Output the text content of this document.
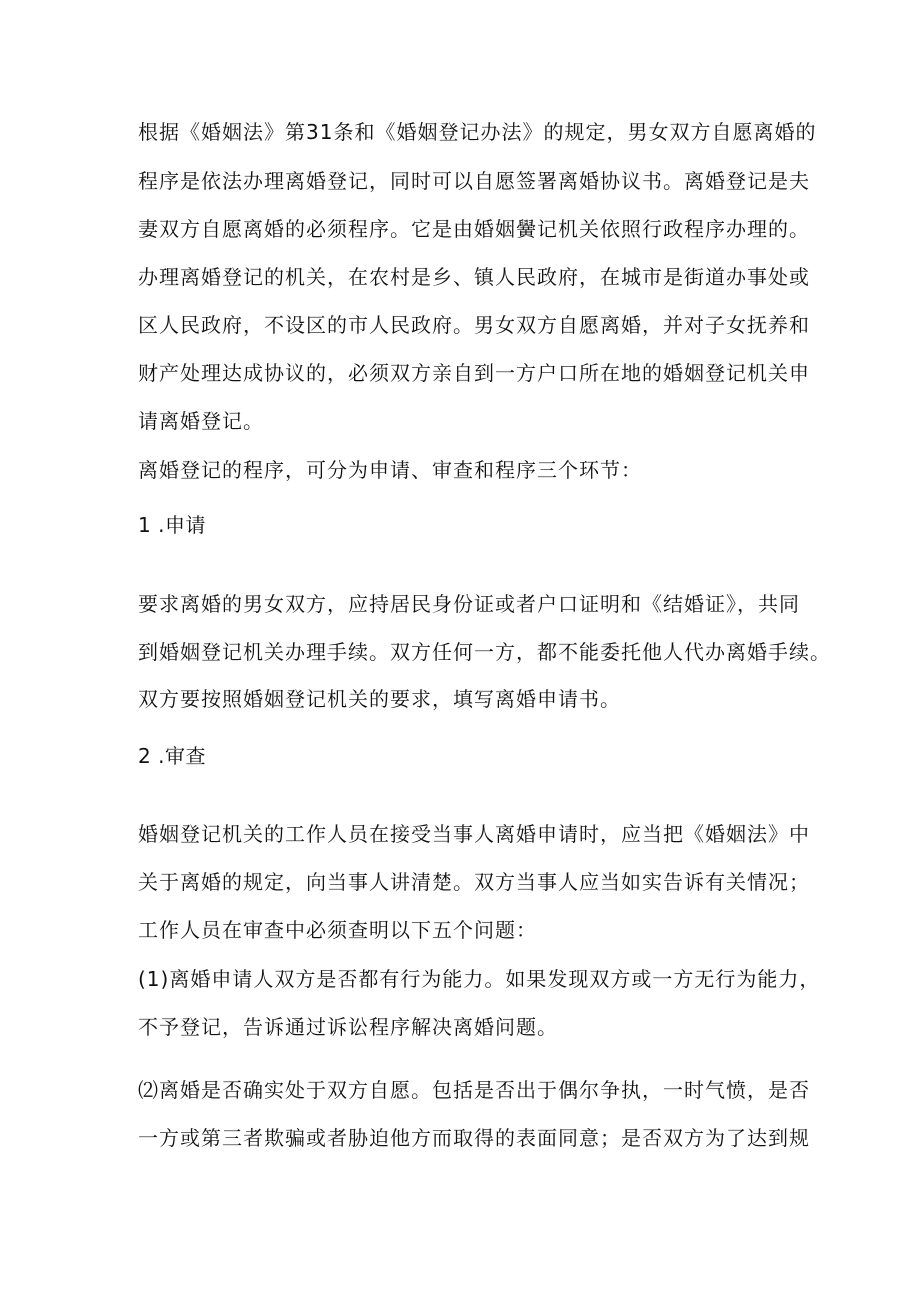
根据《婚姻法》第31条和《婚姻登记办法》的规定，男女双方自愿离婚的
程序是依法办理离婚登记，同时可以自愿签署离婚协议书。离婚登记是夫
妻双方自愿离婚的必须程序。它是由婚姻黌记机关依照行政程序办理的。
办理离婚登记的机关，在农村是乡、镇人民政府，在城市是街道办事处或
区人民政府，不设区的市人民政府。男女双方自愿离婚，并对子女抚养和
财产处理达成协议的，必须双方亲自到一方户口所在地的婚姻登记机关申
请离婚登记。
离婚登记的程序，可分为申请、审查和程序三个环节：
1 .申请
要求离婚的男女双方，应持居民身份证或者户口证明和《结婚证》，共同
到婚姻登记机关办理手续。双方任何一方，都不能委托他人代办离婚手续。
双方要按照婚姻登记机关的要求，填写离婚申请书。
2 .审查
婚姻登记机关的工作人员在接受当事人离婚申请时，应当把《婚姻法》中
关于离婚的规定，向当事人讲清楚。双方当事人应当如实告诉有关情况；
工作人员在审查中必须查明以下五个问题：
(1)离婚申请人双方是否都有行为能力。如果发现双方或一方无行为能力，
不予登记，告诉通过诉讼程序解决离婚问题。
⑵离婚是否确实处于双方自愿。包括是否出于偶尔争执，一时气愤，是否
一方或第三者欺骗或者胁迫他方而取得的表面同意；是否双方为了达到规
